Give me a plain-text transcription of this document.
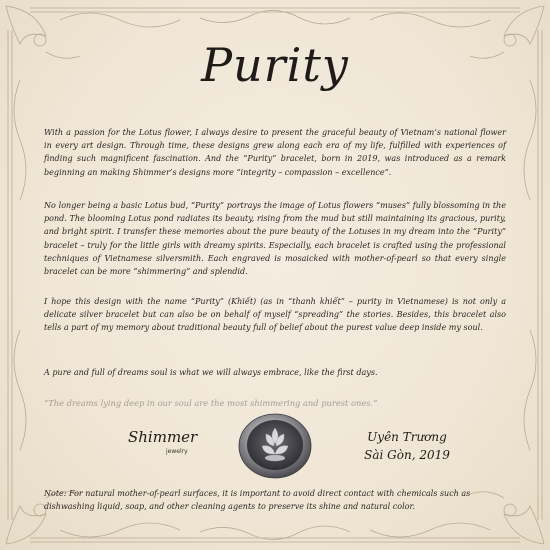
Purity
With a passion for the Lotus flower, I always desire to present the graceful beauty of Vietnam’s national flower in every art design. Through time, these designs grew along each era of my life, fulfilled with experiences of finding such magnificent fascination. And the “Purity” bracelet, born in 2019, was introduced as a remark beginning an making Shimmer’s designs more “integrity – compassion – excellence”.
No longer being a basic Lotus bud, “Purity” portrays the image of Lotus flowers “muses” fully blossoming in the pond. The blooming Lotus pond radiates its beauty, rising from the mud but still maintaining its gracious, purity, and bright spirit. I transfer these memories about the pure beauty of the Lotuses in my dream into the “Purity” bracelet – truly for the little girls with dreamy spirits. Especially, each bracelet is crafted using the professional techniques of Vietnamese silversmith. Each engraved is mosaicked with mother-of-pearl so that every single bracelet can be more “shimmering” and splendid.
I hope this design with the name “Purity” (Khiết) (as in “thanh khiết” – purity in Vietnamese) is not only a delicate silver bracelet but can also be on behalf of myself “spreading” the stories. Besides, this bracelet also tells a part of my memory about traditional beauty full of belief about the purest value deep inside my soul.
A pure and full of dreams soul is what we will always embrace, like the first days.
“The dreams lying deep in our soul are the most shimmering and purest ones.”
Shimmer
jewelry
Uyên Trương
Sài Gòn, 2019
Note: For natural mother-of-pearl surfaces, it is important to avoid direct contact with chemicals such as dishwashing liquid, soap, and other cleaning agents to preserve its shine and natural color.
